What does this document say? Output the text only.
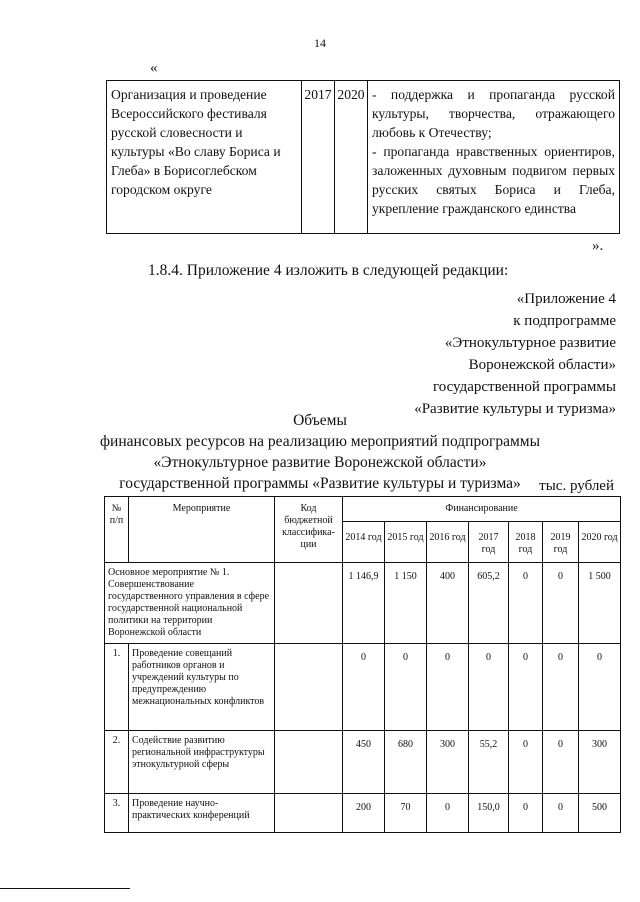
14
«
Организация и проведение Всероссийского фестиваля русской словесности и культуры «Во славу Бориса и Глеба» в Борисоглебском городском округе	2017	2020	- поддержка и пропаганда русской культуры, творчества, отражающего любовь к Отечеству;
- пропаганда нравственных ориентиров, заложенных духовным подвигом первых русских святых Бориса и Глеба, укрепление гражданского единства
».
1.8.4. Приложение 4 изложить в следующей редакции:
«Приложение 4
к подпрограмме
«Этнокультурное развитие
Воронежской области»
государственной программы
«Развитие культуры и туризма»
Объемы
финансовых ресурсов на реализацию мероприятий подпрограммы
«Этнокультурное развитие Воронежской области»
государственной программы «Развитие культуры и туризма»	тыс. рублей
№ п/п	Мероприятие	Код бюджетной классифика-ции	Финансирование						
			2014 год	2015 год	2016 год	2017 год	2018 год	2019 год	2020 год
Основное мероприятие № 1. Совершенствование государственного управления в сфере государственной национальной политики на территории Воронежской области			1 146,9	1 150	400	605,2	0	0	1 500
1.	Проведение совещаний работников органов и учреждений культуры по предупреждению межнациональных конфликтов		0	0	0	0	0	0	0
2.	Содействие развитию региональной инфраструктуры этнокультурной сферы		450	680	300	55,2	0	0	300
3.	Проведение научно-практических конференций		200	70	0	150,0	0	0	500
